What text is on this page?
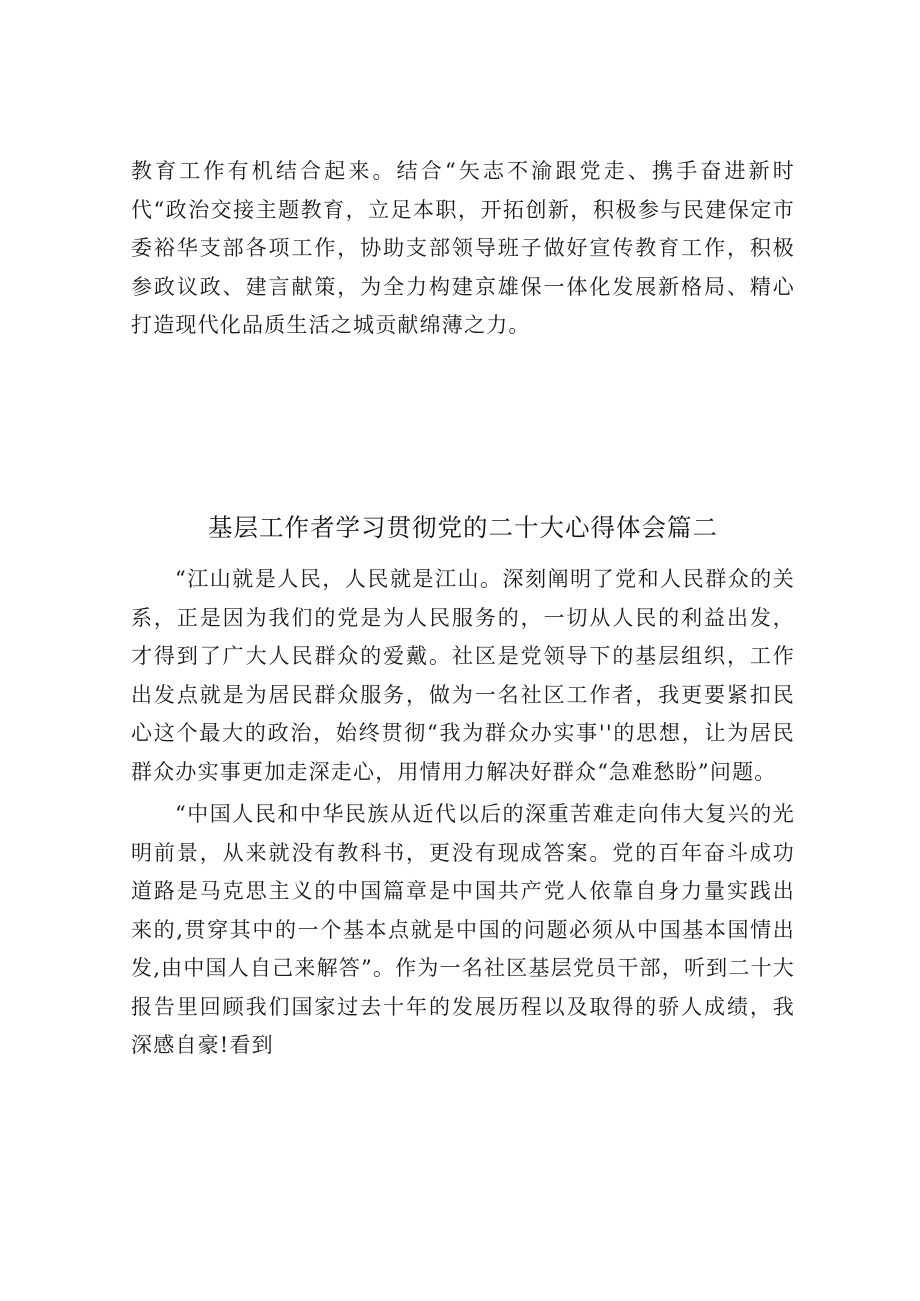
教育工作有机结合起来。结合“矢志不渝跟党走、携手奋进新时代“政治交接主题教育，立足本职，开拓创新，积极参与民建保定市委裕华支部各项工作，协助支部领导班子做好宣传教育工作，积极参政议政、建言献策，为全力构建京雄保一体化发展新格局、精心打造现代化品质生活之城贡献绵薄之力。

基层工作者学习贯彻党的二十大心得体会篇二

“江山就是人民，人民就是江山。深刻阐明了党和人民群众的关系，正是因为我们的党是为人民服务的，一切从人民的利益出发，才得到了广大人民群众的爱戴。社区是党领导下的基层组织，工作出发点就是为居民群众服务，做为一名社区工作者，我更要紧扣民心这个最大的政治，始终贯彻“我为群众办实事''的思想，让为居民群众办实事更加走深走心，用情用力解决好群众“急难愁盼”问题。

“中国人民和中华民族从近代以后的深重苦难走向伟大复兴的光明前景，从来就没有教科书，更没有现成答案。党的百年奋斗成功道路是马克思主义的中国篇章是中国共产党人依靠自身力量实践出来的,贯穿其中的一个基本点就是中国的问题必须从中国基本国情出发,由中国人自己来解答”。作为一名社区基层党员干部，听到二十大报告里回顾我们国家过去十年的发展历程以及取得的骄人成绩，我深感自豪!看到
